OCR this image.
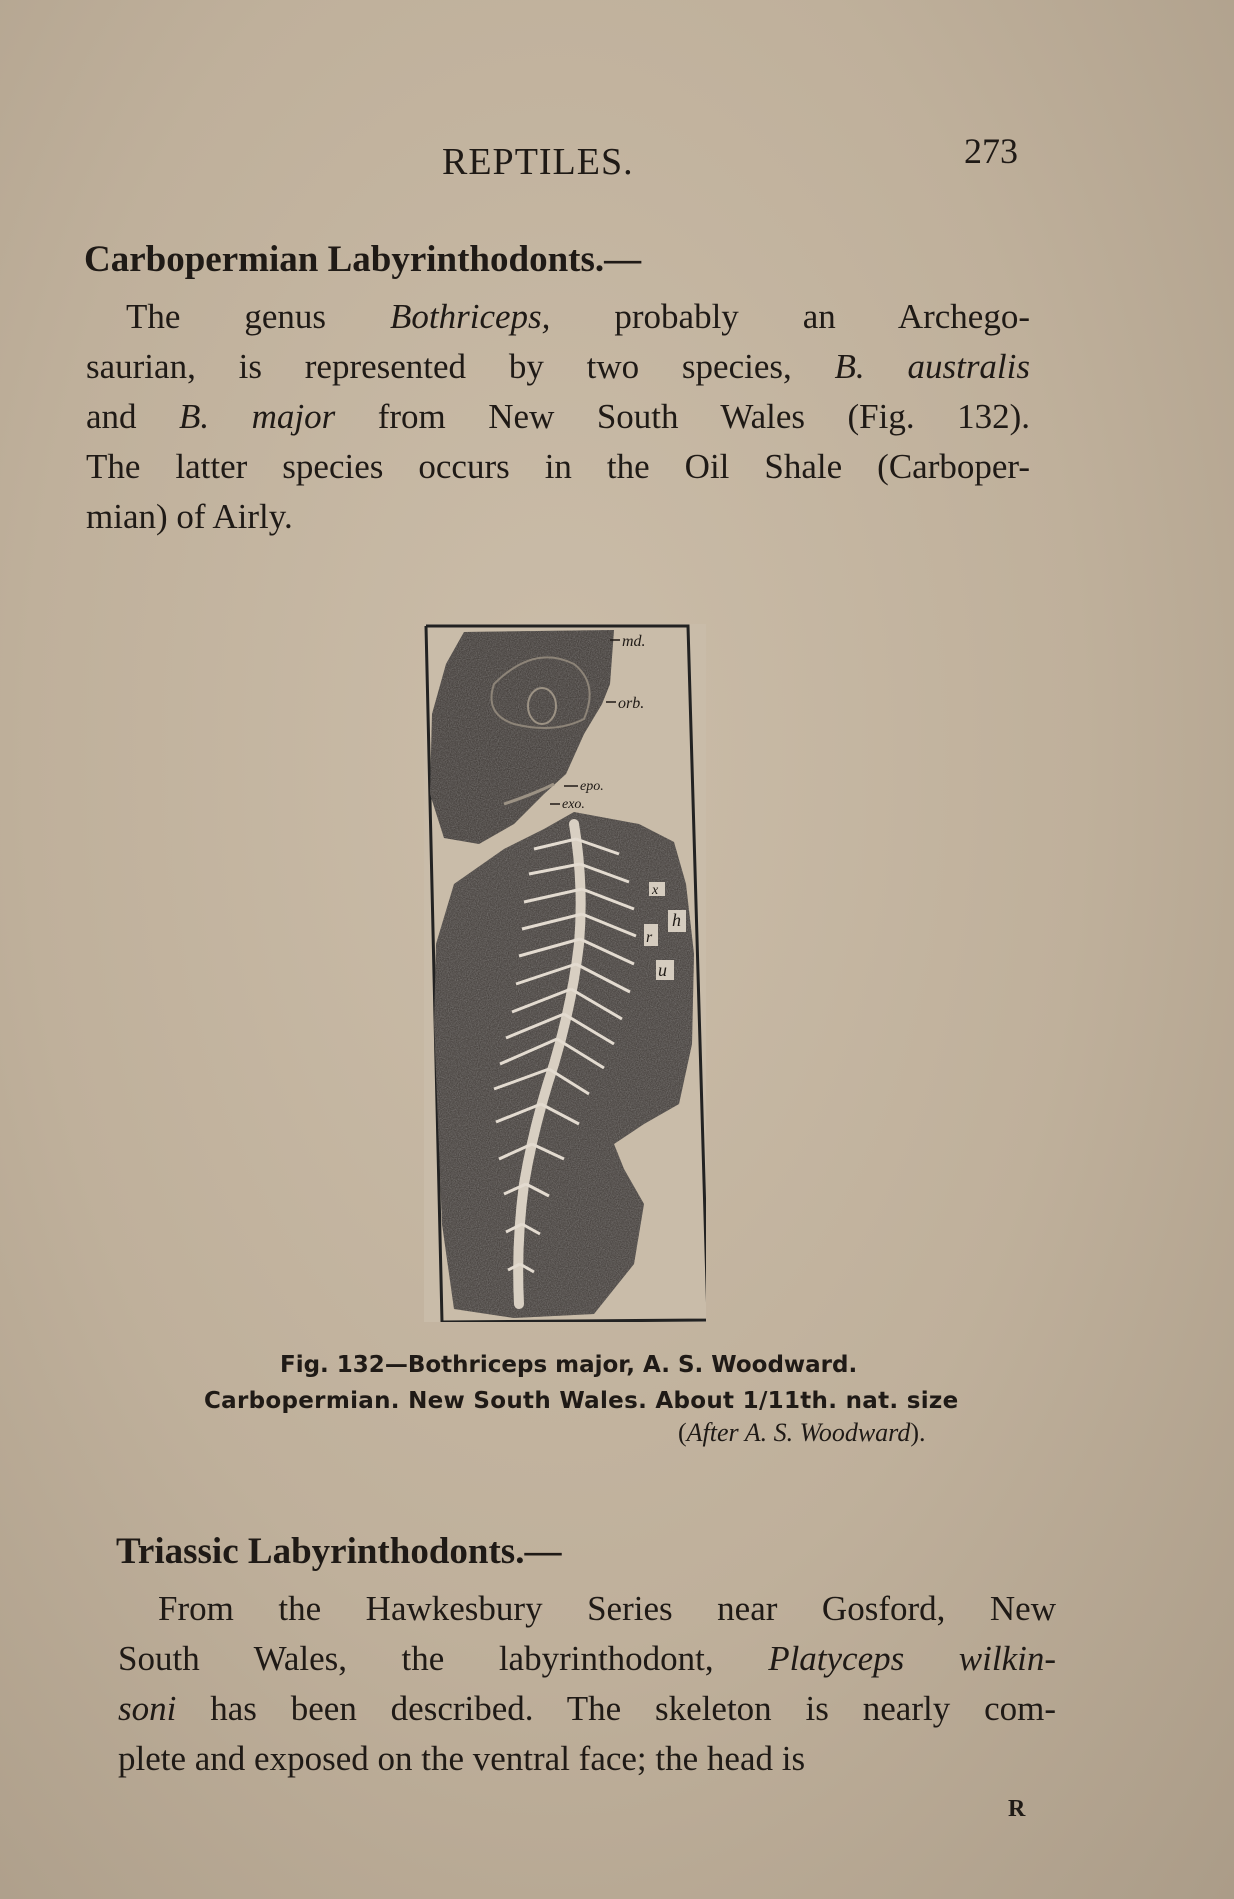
REPTILES.	273
Carbopermian Labyrinthodonts.—
The genus Bothriceps, probably an Archego-
saurian, is represented by two species, B. australis
and B. major from New South Wales (Fig. 132).
The latter species occurs in the Oil Shale (Carboper-
mian) of Airly.
md.
orb.
epo.
exo.
x
h
r
u
Fig. 132—Bothriceps major, A. S. Woodward.
Carbopermian. New South Wales. About 1/11th. nat. size
(After A. S. Woodward).
Triassic Labyrinthodonts.—
From the Hawkesbury Series near Gosford, New
South Wales, the labyrinthodont, Platyceps wilkin-
soni has been described. The skeleton is nearly com-
plete and exposed on the ventral face; the head is
R
